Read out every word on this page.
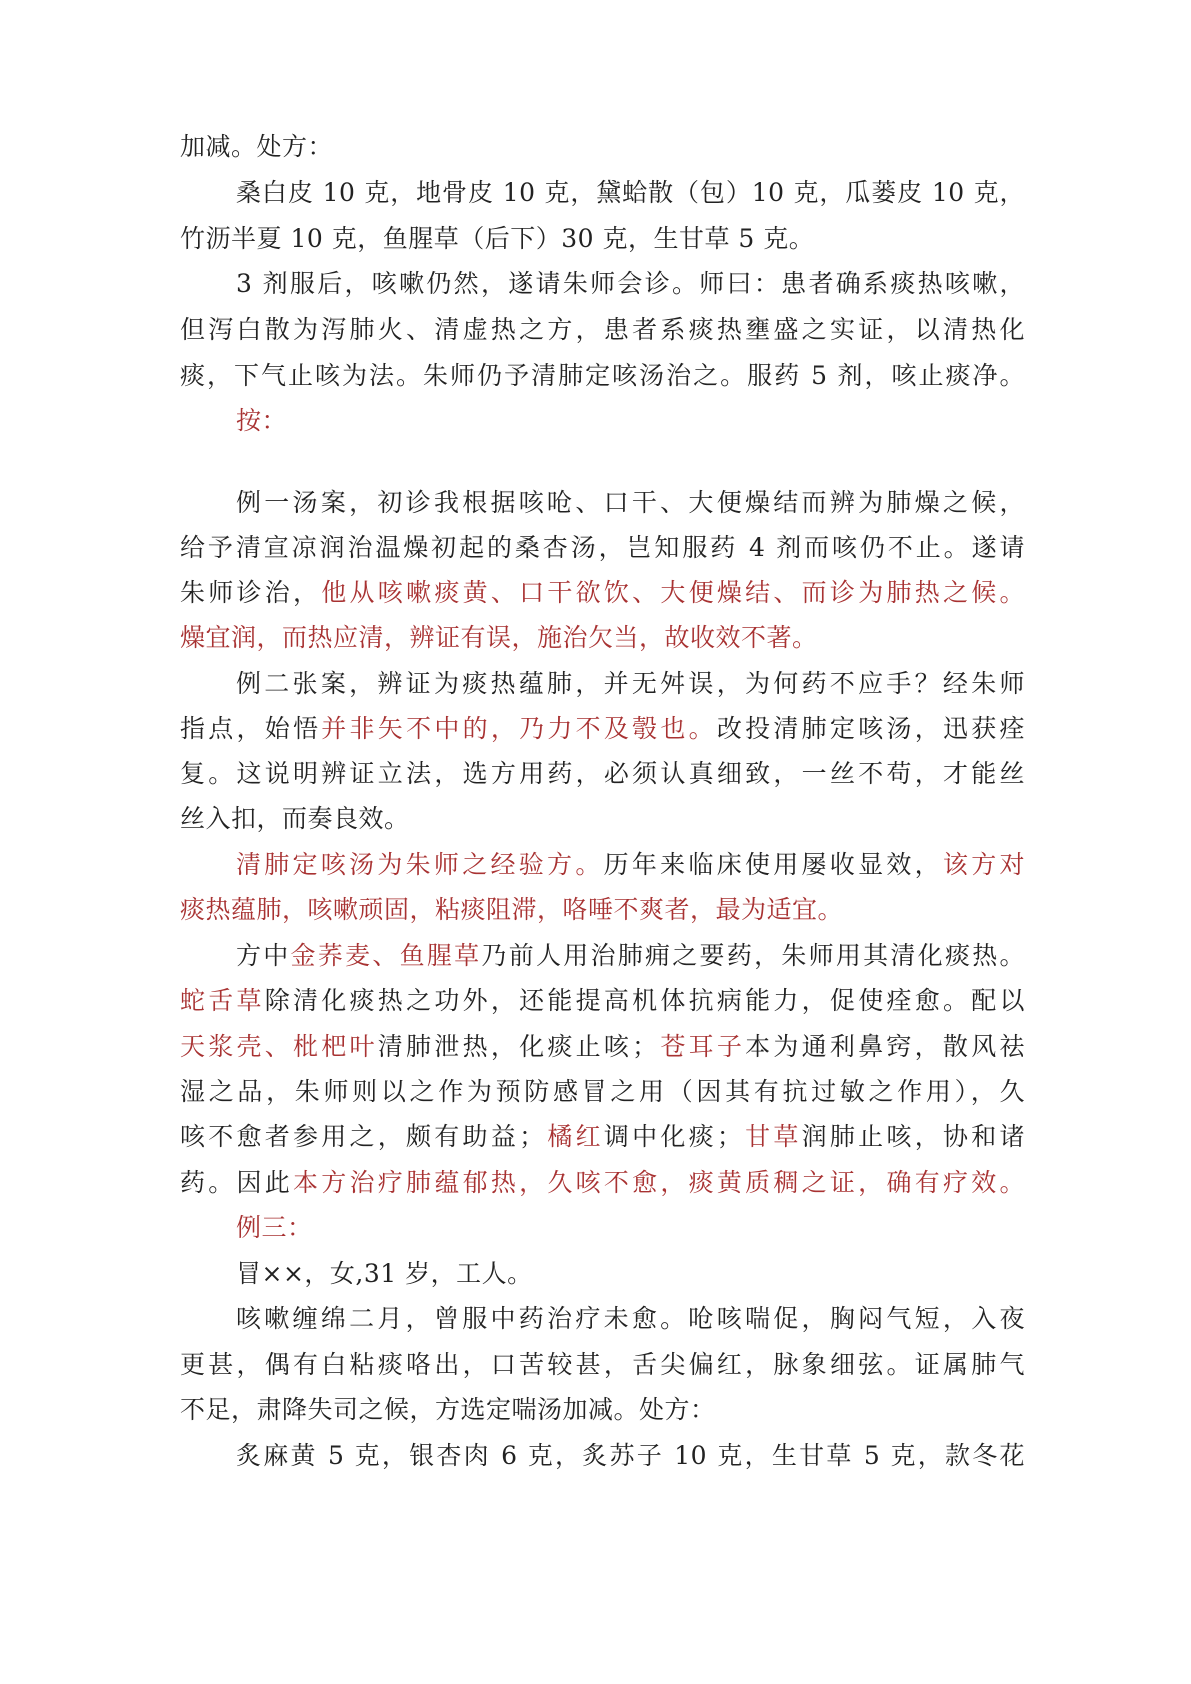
加减。处方：
桑白皮 10 克，地骨皮 10 克，黛蛤散（包）10 克，瓜蒌皮 10 克，
竹沥半夏 10 克，鱼腥草（后下）30 克，生甘草 5 克。
3 剂服后，咳嗽仍然，遂请朱师会诊。师曰：患者确系痰热咳嗽，
但泻白散为泻肺火、清虚热之方，患者系痰热壅盛之实证，以清热化
痰，下气止咳为法。朱师仍予清肺定咳汤治之。服药 5 剂，咳止痰净。
按：
例一汤案，初诊我根据咳呛、口干、大便燥结而辨为肺燥之候，
给予清宣凉润治温燥初起的桑杏汤，岂知服药 4 剂而咳仍不止。遂请
朱师诊治，他从咳嗽痰黄、口干欲饮、大便燥结、而诊为肺热之候。
燥宜润，而热应清，辨证有误，施治欠当，故收效不著。
例二张案，辨证为痰热蕴肺，并无舛误，为何药不应手？经朱师
指点，始悟并非矢不中的，乃力不及彀也。改投清肺定咳汤，迅获痊
复。这说明辨证立法，选方用药，必须认真细致，一丝不苟，才能丝
丝入扣，而奏良效。
清肺定咳汤为朱师之经验方。历年来临床使用屡收显效，该方对
痰热蕴肺，咳嗽顽固，粘痰阻滞，咯唾不爽者，最为适宜。
方中金荞麦、鱼腥草乃前人用治肺痈之要药，朱师用其清化痰热。
蛇舌草除清化痰热之功外，还能提高机体抗病能力，促使痊愈。配以
天浆壳、枇杷叶清肺泄热，化痰止咳；苍耳子本为通利鼻窍，散风祛
湿之品，朱师则以之作为预防感冒之用（因其有抗过敏之作用），久
咳不愈者参用之，颇有助益；橘红调中化痰；甘草润肺止咳，协和诸
药。因此本方治疗肺蕴郁热，久咳不愈，痰黄质稠之证，确有疗效。
例三：
冒××，女,31 岁，工人。
咳嗽缠绵二月，曾服中药治疗未愈。呛咳喘促，胸闷气短，入夜
更甚，偶有白粘痰咯出，口苦较甚，舌尖偏红，脉象细弦。证属肺气
不足，肃降失司之候，方选定喘汤加减。处方：
炙麻黄 5 克，银杏肉 6 克，炙苏子 10 克，生甘草 5 克，款冬花
